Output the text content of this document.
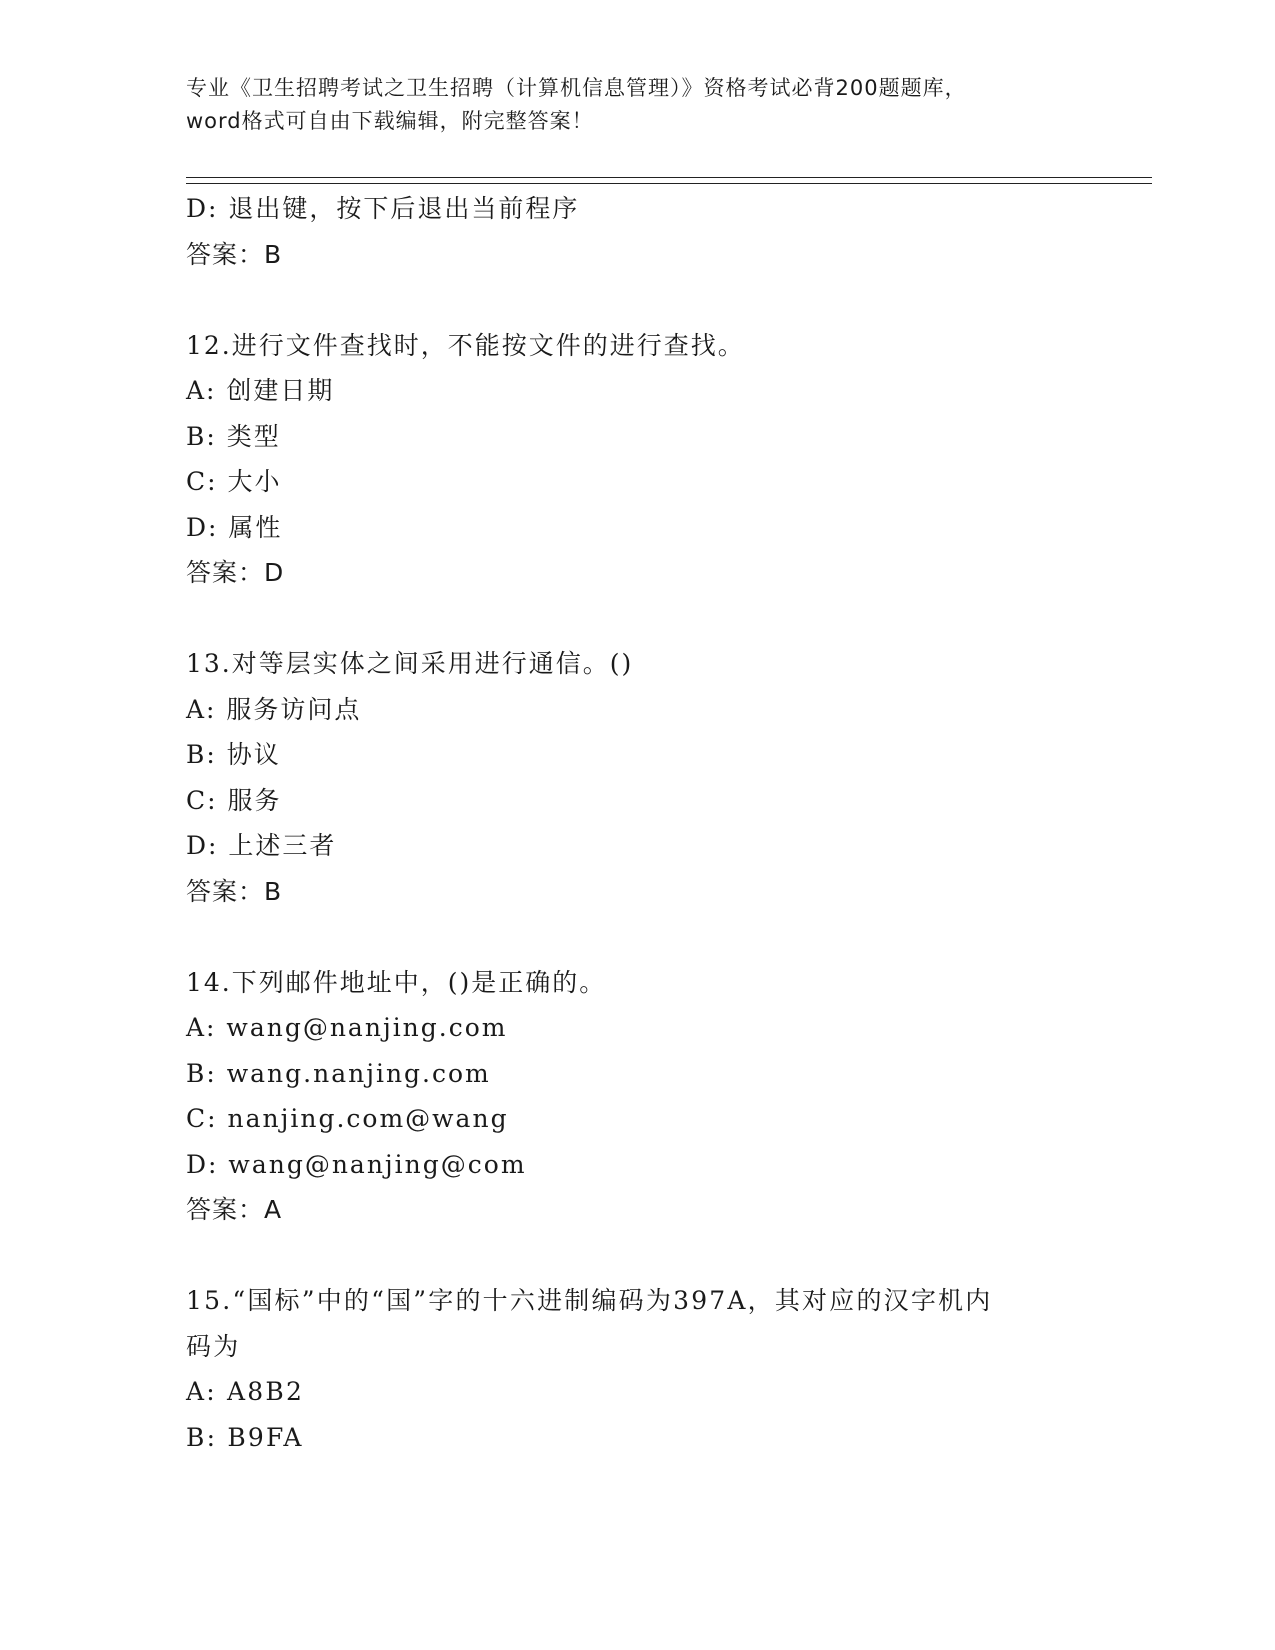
专业《卫生招聘考试之卫生招聘（计算机信息管理）》资格考试必背200题题库，
word格式可自由下载编辑，附完整答案！
D: 退出键，按下后退出当前程序
答案：B
12.进行文件查找时，不能按文件的进行查找。
A: 创建日期
B: 类型
C: 大小
D: 属性
答案：D
13.对等层实体之间采用进行通信。()
A: 服务访问点
B: 协议
C: 服务
D: 上述三者
答案：B
14.下列邮件地址中，()是正确的。
A: wang@nanjing.com
B: wang.nanjing.com
C: nanjing.com@wang
D: wang@nanjing@com
答案：A
15.“国标”中的“国”字的十六进制编码为397A，其对应的汉字机内
码为
A: A8B2
B: B9FA
